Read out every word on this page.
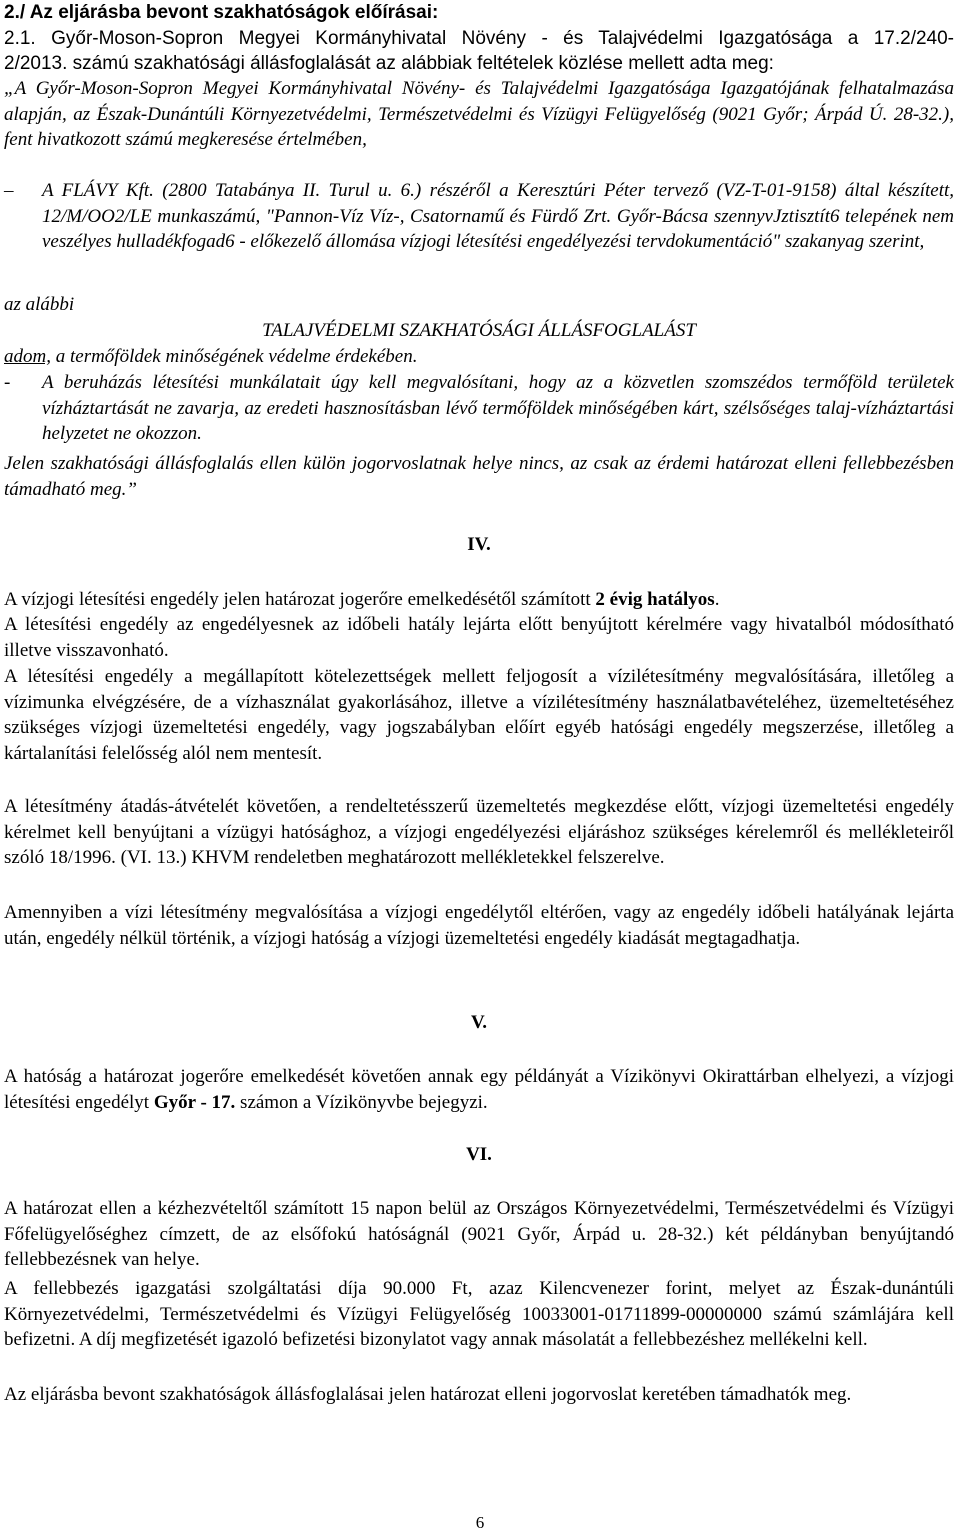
2./ Az eljárásba bevont szakhatóságok előírásai:
2.1. Győr-Moson-Sopron Megyei Kormányhivatal Növény - és Talajvédelmi Igazgatósága a 17.2/240-
2/2013. számú szakhatósági állásfoglalását az alábbiak feltételek közlése mellett adta meg:
„A Győr-Moson-Sopron Megyei Kormányhivatal Növény- és Talajvédelmi Igazgatósága Igazgatójának felhatalmazása alapján, az Észak-Dunántúli Környezetvédelmi, Természetvédelmi és Vízügyi Felügyelőség (9021 Győr; Árpád Ú. 28-32.), fent hivatkozott számú megkeresése értelmében,
– A FLÁVY Kft. (2800 Tatabánya II. Turul u. 6.) részéről a Keresztúri Péter tervező (VZ-T-01-9158) által készített, 12/M/OO2/LE munkaszámú, "Pannon-Víz Víz-, Csatornamű és Fürdő Zrt. Győr-Bácsa szennyvJztisztít6 telepének nem veszélyes hulladékfogad6 - előkezelő állomása vízjogi létesítési engedélyezési tervdokumentáció" szakanyag szerint,
az alábbi
TALAJVÉDELMI SZAKHATÓSÁGI ÁLLÁSFOGLALÁST
adom, a termőföldek minőségének védelme érdekében.
- A beruházás létesítési munkálatait úgy kell megvalósítani, hogy az a közvetlen szomszédos termőföld területek vízháztartását ne zavarja, az eredeti hasznosításban lévő termőföldek minőségében kárt, szélsőséges talaj-vízháztartási helyzetet ne okozzon.
Jelen szakhatósági állásfoglalás ellen külön jogorvoslatnak helye nincs, az csak az érdemi határozat elleni fellebbezésben támadható meg.”
IV.
A vízjogi létesítési engedély jelen határozat jogerőre emelkedésétől számított 2 évig hatályos.
A létesítési engedély az engedélyesnek az időbeli hatály lejárta előtt benyújtott kérelmére vagy hivatalból módosítható illetve visszavonható.
A létesítési engedély a megállapított kötelezettségek mellett feljogosít a vízilétesítmény megvalósítására, illetőleg a vízimunka elvégzésére, de a vízhasználat gyakorlásához, illetve a vízilétesítmény használatbavételéhez, üzemeltetéséhez szükséges vízjogi üzemeltetési engedély, vagy jogszabályban előírt egyéb hatósági engedély megszerzése, illetőleg a kártalanítási felelősség alól nem mentesít.
A létesítmény átadás-átvételét követően, a rendeltetésszerű üzemeltetés megkezdése előtt, vízjogi üzemeltetési engedély kérelmet kell benyújtani a vízügyi hatósághoz, a vízjogi engedélyezési eljáráshoz szükséges kérelemről és mellékleteiről szóló 18/1996. (VI. 13.) KHVM rendeletben meghatározott mellékletekkel felszerelve.
Amennyiben a vízi létesítmény megvalósítása a vízjogi engedélytől eltérően, vagy az engedély időbeli hatályának lejárta után, engedély nélkül történik, a vízjogi hatóság a vízjogi üzemeltetési engedély kiadását megtagadhatja.
V.
A hatóság a határozat jogerőre emelkedését követően annak egy példányát a Vízikönyvi Okirattárban elhelyezi, a vízjogi létesítési engedélyt Győr - 17. számon a Vízikönyvbe bejegyzi.
VI.
A határozat ellen a kézhezvételtől számított 15 napon belül az Országos Környezetvédelmi, Természetvédelmi és Vízügyi Főfelügyelőséghez címzett, de az elsőfokú hatóságnál (9021 Győr, Árpád u. 28-32.) két példányban benyújtandó fellebbezésnek van helye.
A fellebbezés igazgatási szolgáltatási díja 90.000 Ft, azaz Kilencvenezer forint, melyet az Észak-dunántúli Környezetvédelmi, Természetvédelmi és Vízügyi Felügyelőség 10033001-01711899-00000000 számú számlájára kell befizetni. A díj megfizetését igazoló befizetési bizonylatot vagy annak másolatát a fellebbezéshez mellékelni kell.
Az eljárásba bevont szakhatóságok állásfoglalásai jelen határozat elleni jogorvoslat keretében támadhatók meg.
6
